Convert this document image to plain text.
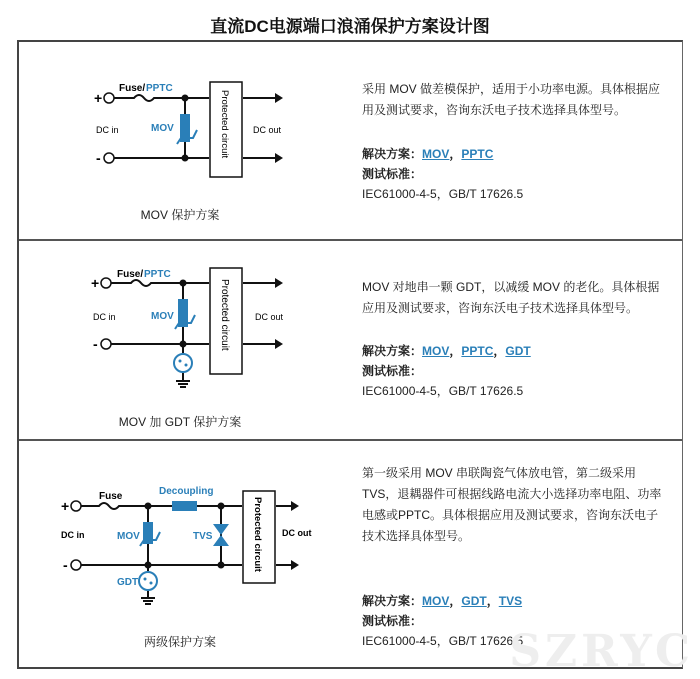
直流DC电源端口浪涌保护方案设计图
+
-	Protected circuit
Fuse/ PPTC
MOV
DC in	DC out
MOV 保护方案
采用 MOV 做差模保护，适用于小功率电源。具体根据应用及测试要求，咨询东沃电子技术选择具体型号。
解决方案：MOV，PPTC
测试标准：
IEC61000-4-5，GB/T 17626.5
+
-	Protected circuit
Fuse/ PPTC
MOV
DC in	DC out
MOV 加 GDT 保护方案
MOV 对地串一颗 GDT，以减缓 MOV 的老化。具体根据应用及测试要求，咨询东沃电子技术选择具体型号。
解决方案：MOV，PPTC，GDT
测试标准：
IEC61000-4-5，GB/T 17626.5
+
-	Protected circuit
Fuse	Decoupling
MOV	TVS
GDT
DC in	DC out
两级保护方案
第一级采用 MOV 串联陶瓷气体放电管，第二级采用 TVS，退耦器件可根据线路电流大小选择功率电阻、功率电感或PPTC。具体根据应用及测试要求，咨询东沃电子技术选择具体型号。
解决方案：MOV，GDT，TVS
测试标准：
IEC61000-4-5，GB/T 17626.5
SZRYC
